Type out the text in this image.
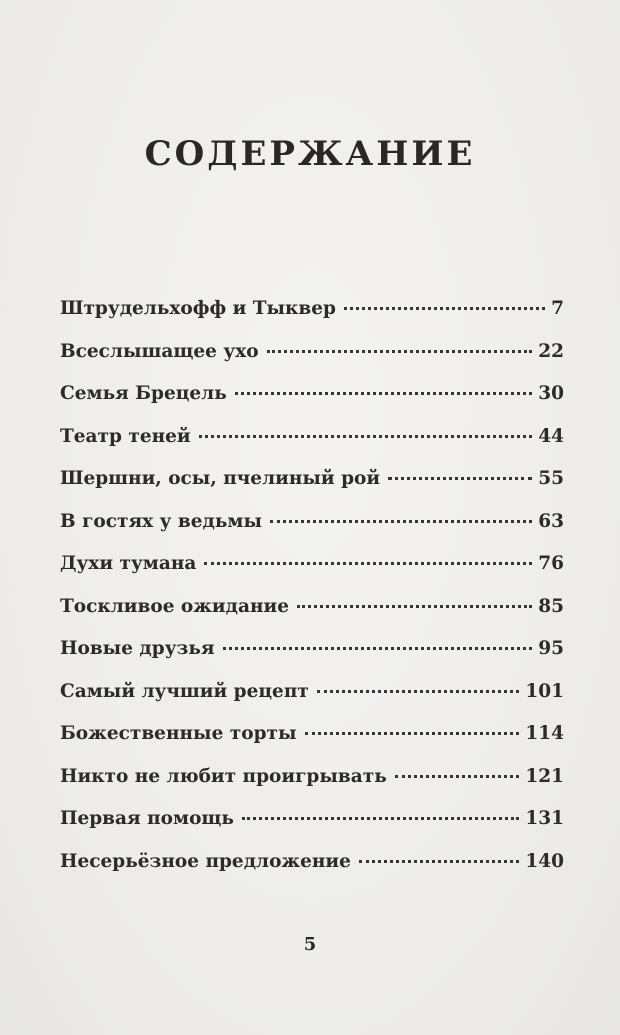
СОДЕРЖАНИЕ
Штрудельхофф и Тыквер	7
Всеслышащее ухо	22
Семья Брецель	30
Театр теней	44
Шершни, осы, пчелиный рой	55
В гостях у ведьмы	63
Духи тумана	76
Тоскливое ожидание	85
Новые друзья	95
Самый лучший рецепт	101
Божественные торты	114
Никто не любит проигрывать	121
Первая помощь	131
Несерьёзное предложение	140
5
